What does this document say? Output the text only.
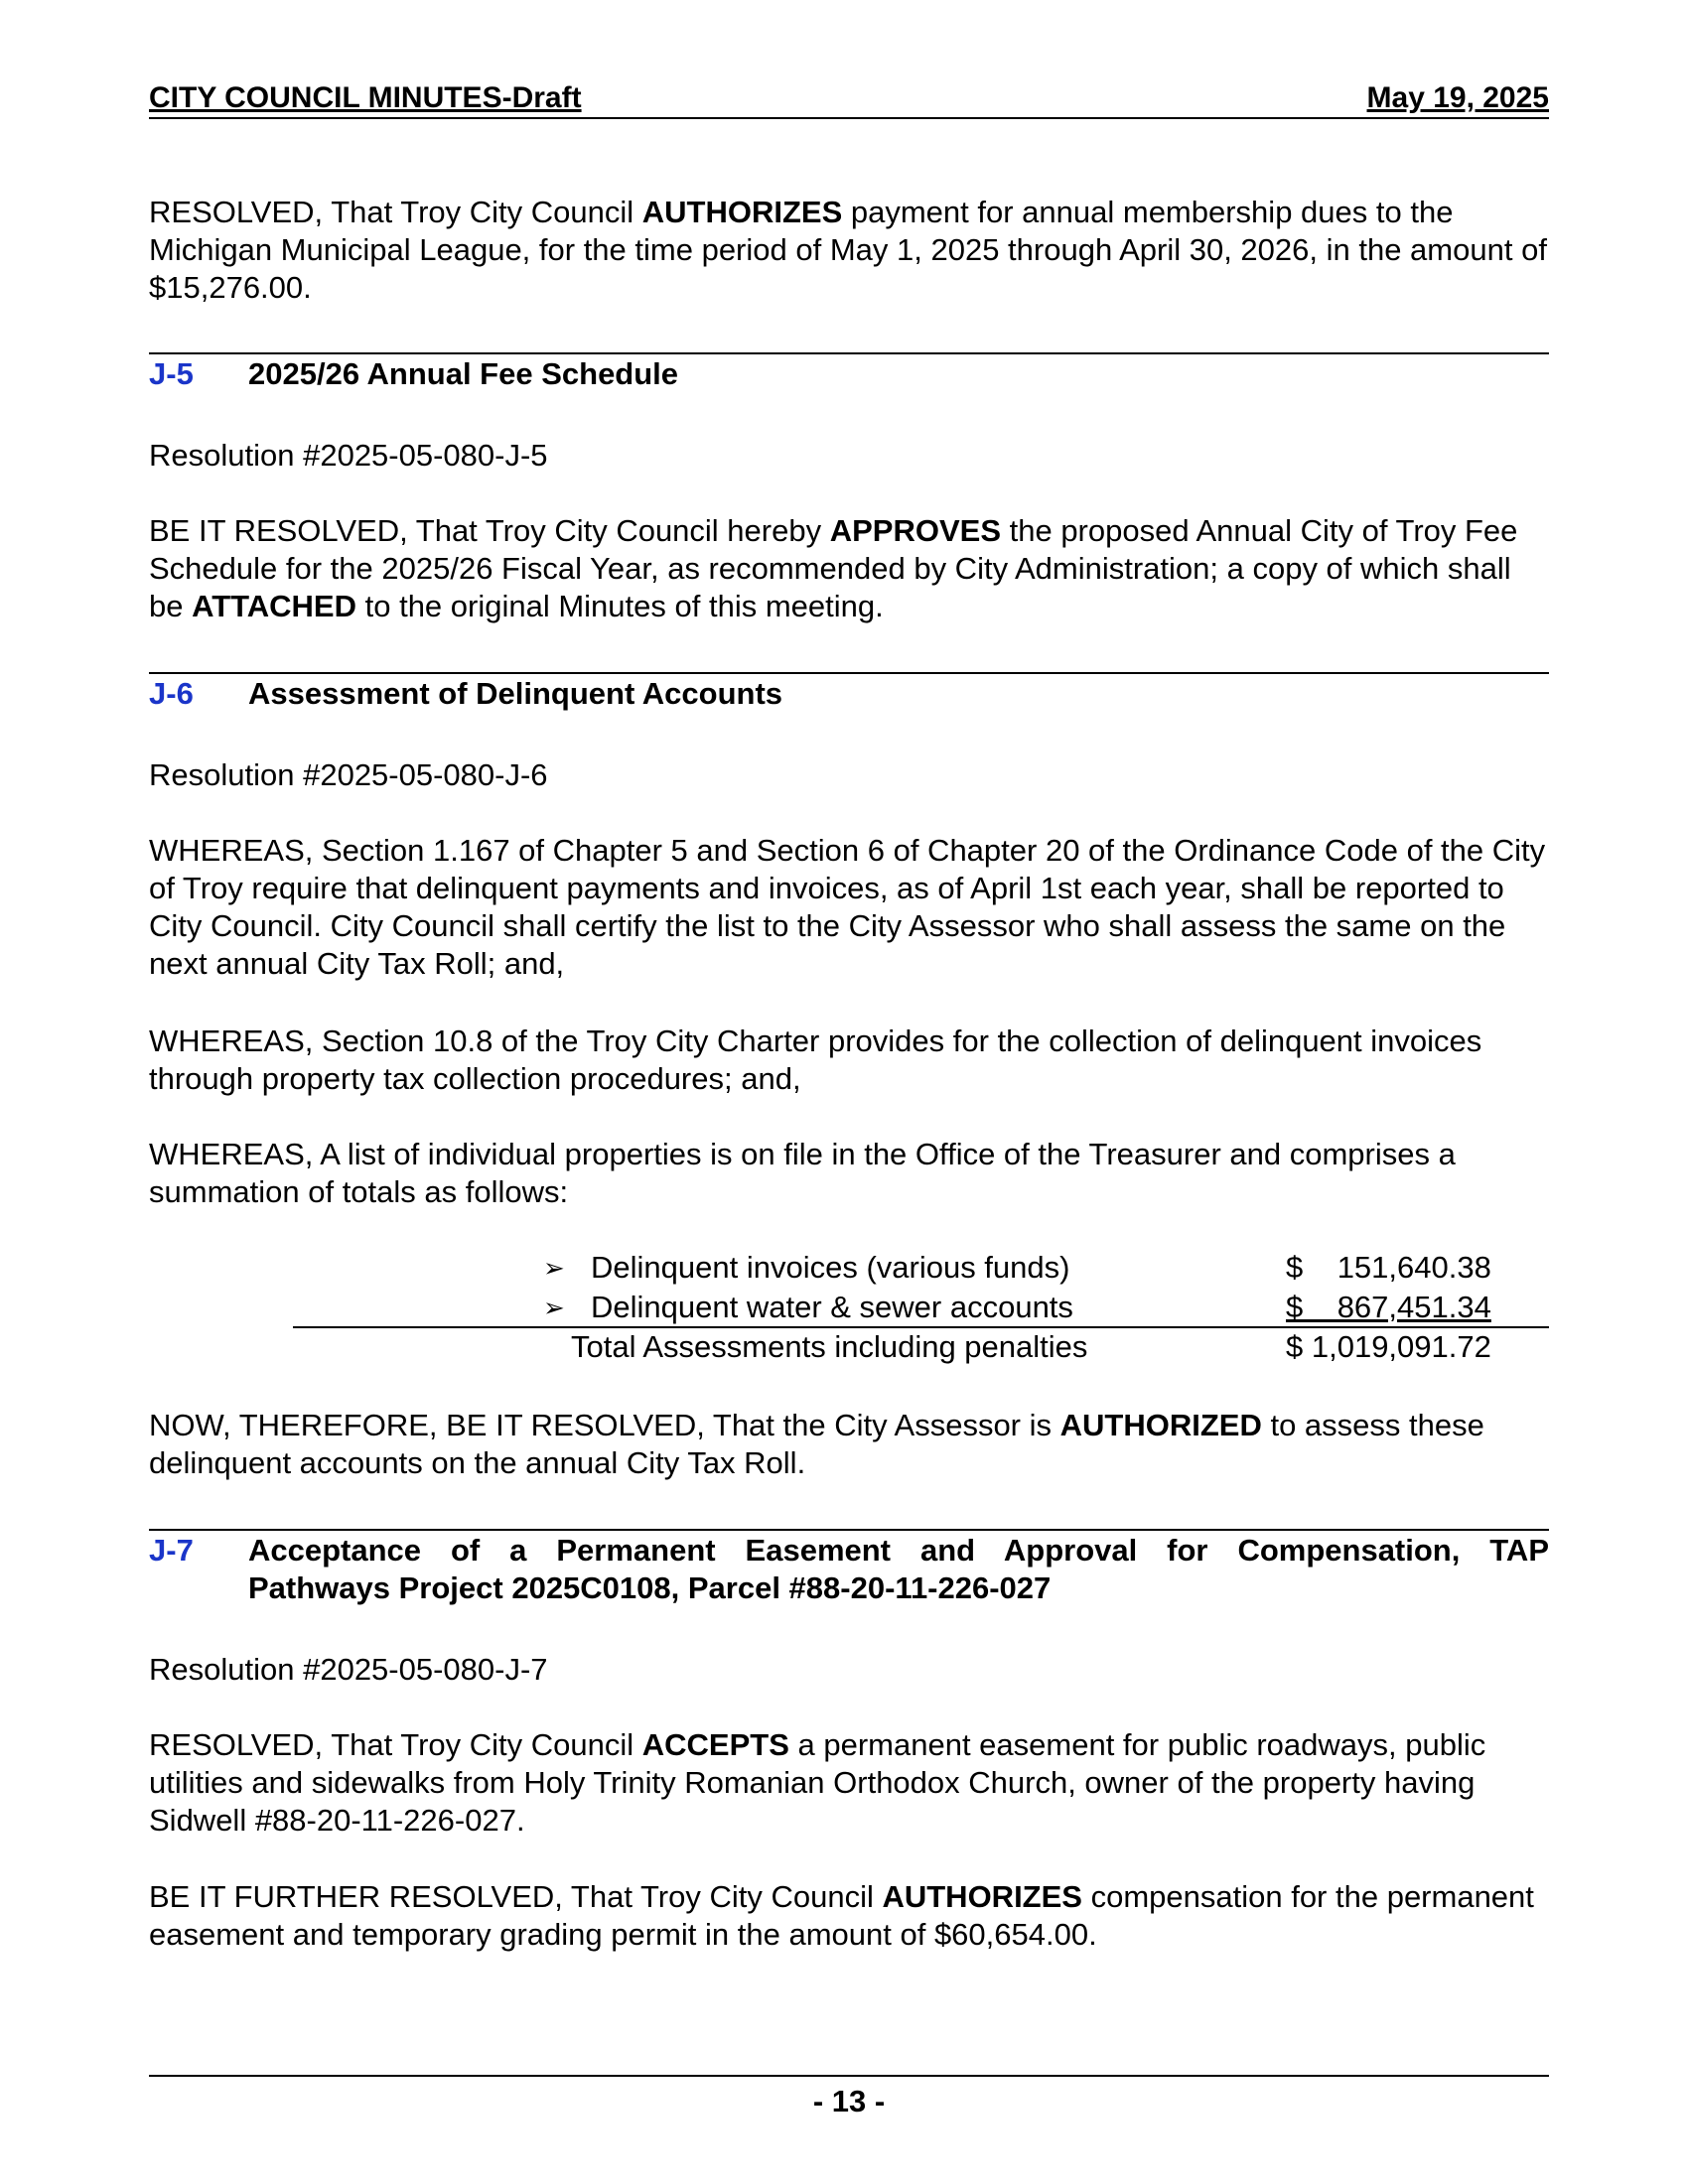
CITY COUNCIL MINUTES-Draft	May 19, 2025

RESOLVED, That Troy City Council AUTHORIZES payment for annual membership dues to the Michigan Municipal League, for the time period of May 1, 2025 through April 30, 2026, in the amount of $15,276.00.

J-5 2025/26 Annual Fee Schedule

Resolution #2025-05-080-J-5

BE IT RESOLVED, That Troy City Council hereby APPROVES the proposed Annual City of Troy Fee Schedule for the 2025/26 Fiscal Year, as recommended by City Administration; a copy of which shall be ATTACHED to the original Minutes of this meeting.

J-6 Assessment of Delinquent Accounts

Resolution #2025-05-080-J-6

WHEREAS, Section 1.167 of Chapter 5 and Section 6 of Chapter 20 of the Ordinance Code of the City of Troy require that delinquent payments and invoices, as of April 1st each year, shall be reported to City Council. City Council shall certify the list to the City Assessor who shall assess the same on the next annual City Tax Roll; and,

WHEREAS, Section 10.8 of the Troy City Charter provides for the collection of delinquent invoices through property tax collection procedures; and,

WHEREAS, A list of individual properties is on file in the Office of the Treasurer and comprises a summation of totals as follows:

➢ Delinquent invoices (various funds)	$    151,640.38
➢ Delinquent water & sewer accounts	$    867,451.34
Total Assessments including penalties	$ 1,019,091.72

NOW, THEREFORE, BE IT RESOLVED, That the City Assessor is AUTHORIZED to assess these delinquent accounts on the annual City Tax Roll.

J-7 Acceptance of a Permanent Easement and Approval for Compensation, TAP
Pathways Project 2025C0108, Parcel #88-20-11-226-027

Resolution #2025-05-080-J-7

RESOLVED, That Troy City Council ACCEPTS a permanent easement for public roadways, public utilities and sidewalks from Holy Trinity Romanian Orthodox Church, owner of the property having Sidwell #88-20-11-226-027.

BE IT FURTHER RESOLVED, That Troy City Council AUTHORIZES compensation for the permanent easement and temporary grading permit in the amount of $60,654.00.

- 13 -
